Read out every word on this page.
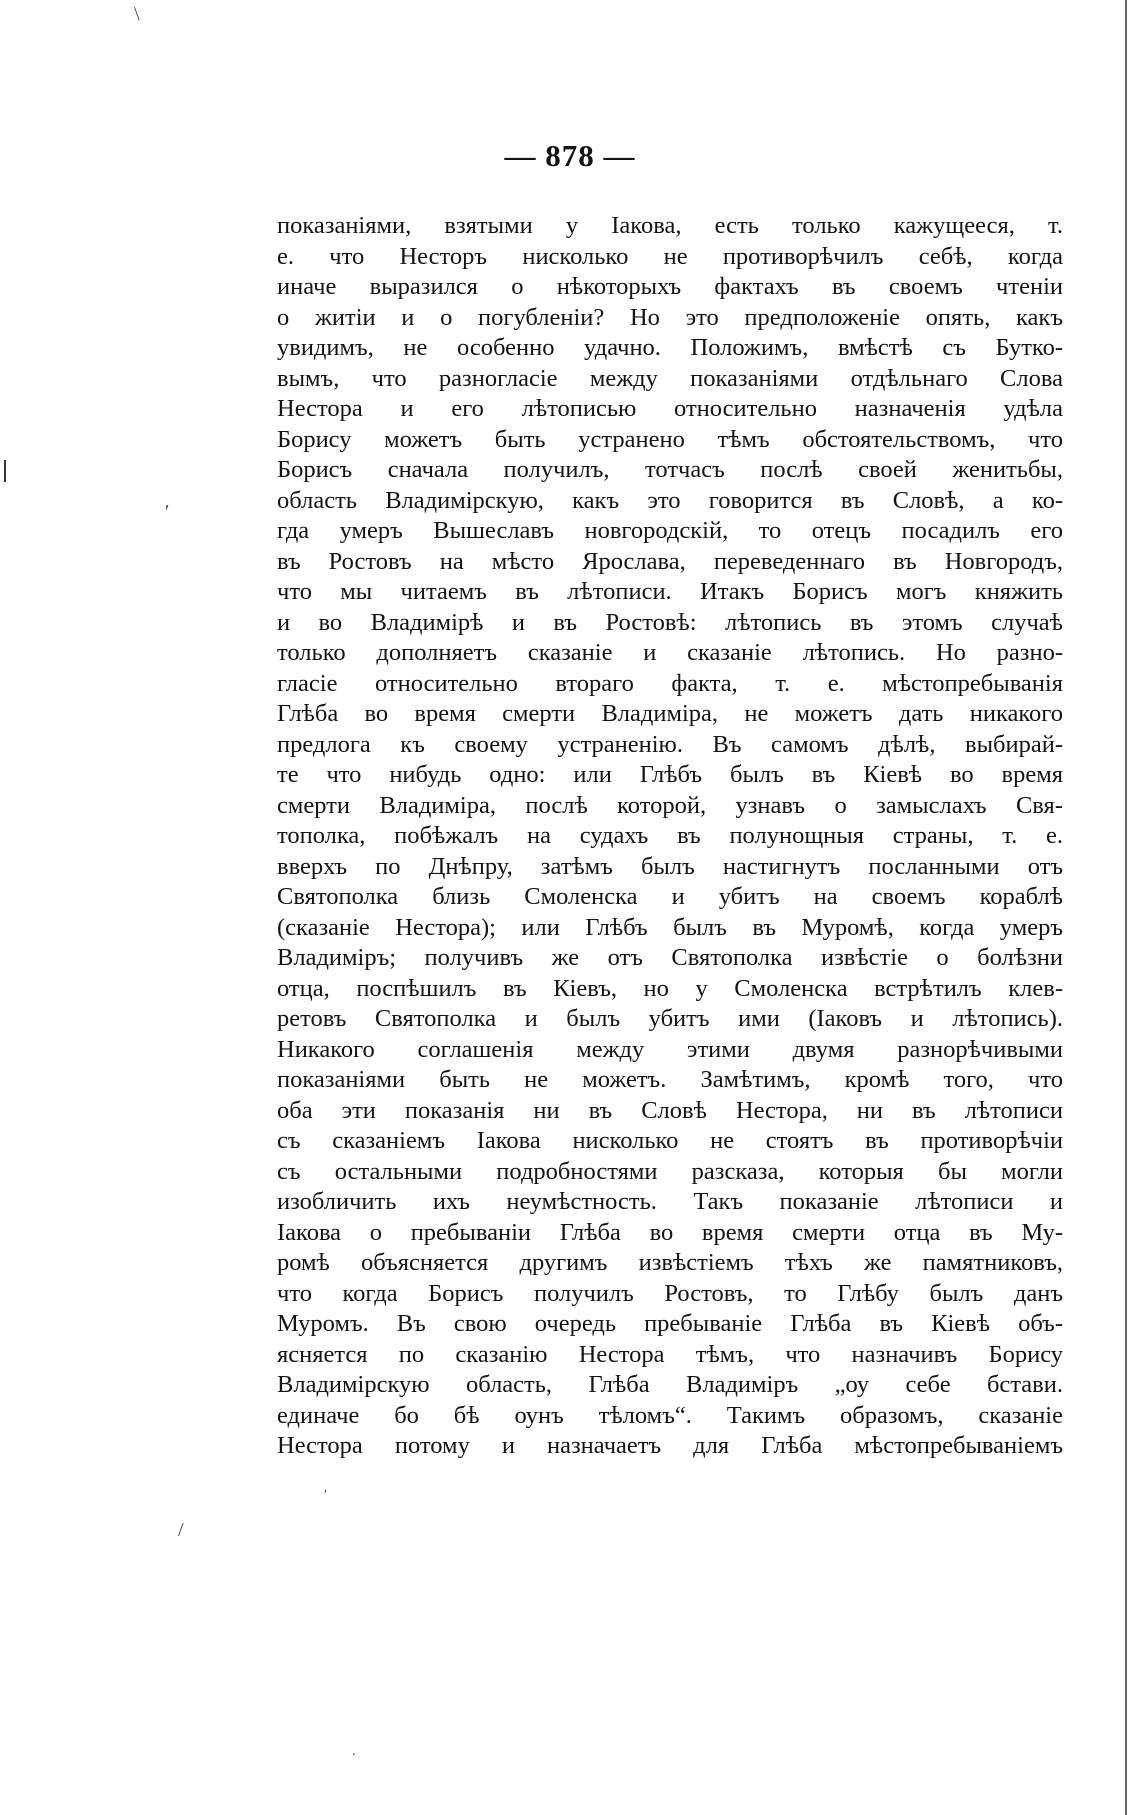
— 878 —
показаніями, взятыми у Іакова, есть только кажущееся, т.
е. что Несторъ нисколько не противорѣчилъ себѣ, когда
иначе выразился о нѣкоторыхъ фактахъ въ своемъ чтеніи
о житіи и о погубленіи? Но это предположеніе опять, какъ
увидимъ, не особенно удачно. Положимъ, вмѣстѣ съ Бутко-
вымъ, что разногласіе между показаніями отдѣльнаго Слова
Нестора и его лѣтописью относительно назначенія удѣла
Борису можетъ быть устранено тѣмъ обстоятельствомъ, что
Борисъ сначала получилъ, тотчасъ послѣ своей женитьбы,
область Владимірскую, какъ это говорится въ Словѣ, а ко-
гда умеръ Вышеславъ новгородскій, то отецъ посадилъ его
въ Ростовъ на мѣсто Ярослава, переведеннаго въ Новгородъ,
что мы читаемъ въ лѣтописи. Итакъ Борисъ могъ княжить
и во Владимірѣ и въ Ростовѣ: лѣтопись въ этомъ случаѣ
только дополняетъ сказаніе и сказаніе лѣтопись. Но разно-
гласіе относительно втораго факта, т. е. мѣстопребыванія
Глѣба во время смерти Владиміра, не можетъ дать никакого
предлога къ своему устраненію. Въ самомъ дѣлѣ, выбирай-
те что нибудь одно: или Глѣбъ былъ въ Кіевѣ во время
смерти Владиміра, послѣ которой, узнавъ о замыслахъ Свя-
тополка, побѣжалъ на судахъ въ полунощныя страны, т. е.
вверхъ по Днѣпру, затѣмъ былъ настигнутъ посланными отъ
Святополка близь Смоленска и убитъ на своемъ кораблѣ
(сказаніе Нестора); или Глѣбъ былъ въ Муромѣ, когда умеръ
Владиміръ; получивъ же отъ Святополка извѣстіе о болѣзни
отца, поспѣшилъ въ Кіевъ, но у Смоленска встрѣтилъ клев-
ретовъ Святополка и былъ убитъ ими (Іаковъ и лѣтопись).
Никакого соглашенія между этими двумя разнорѣчивыми
показаніями быть не можетъ. Замѣтимъ, кромѣ того, что
оба эти показанія ни въ Словѣ Нестора, ни въ лѣтописи
съ сказаніемъ Іакова нисколько не стоятъ въ противорѣчіи
съ остальными подробностями разсказа, которыя бы могли
изобличить ихъ неумѣстность. Такъ показаніе лѣтописи и
Іакова о пребываніи Глѣба во время смерти отца въ Му-
ромѣ объясняется другимъ извѣстіемъ тѣхъ же памятниковъ,
что когда Борисъ получилъ Ростовъ, то Глѣбу былъ данъ
Муромъ. Въ свою очередь пребываніе Глѣба въ Кіевѣ объ-
ясняется по сказанію Нестора тѣмъ, что назначивъ Борису
Владимірскую область, Глѣба Владиміръ „оу себе бстави.
единаче бо бѣ оунъ тѣломъ“. Такимъ образомъ, сказаніе
Нестора потому и назначаетъ для Глѣба мѣстопребываніемъ
\
′
/
′
.
